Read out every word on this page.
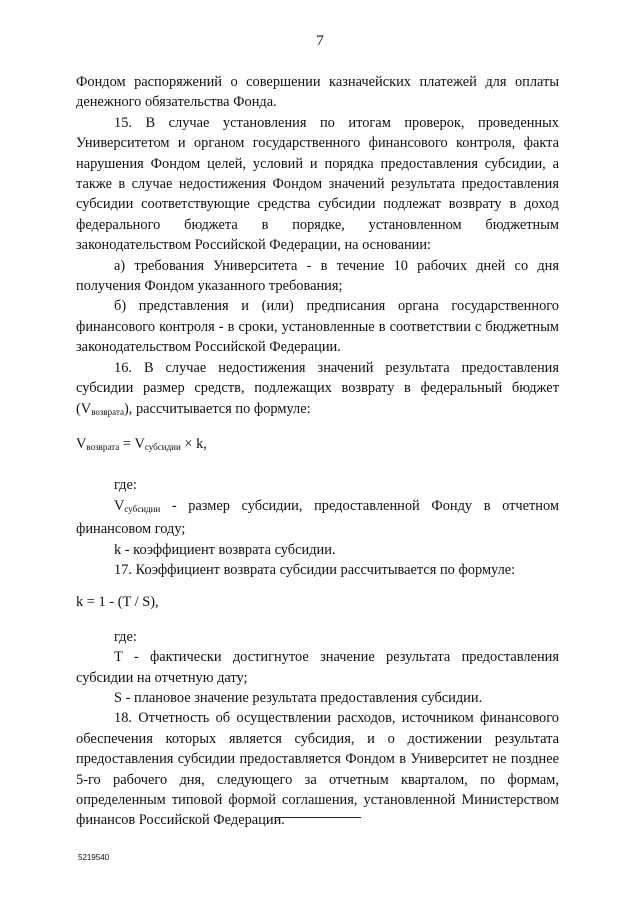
7

Фондом распоряжений о совершении казначейских платежей для оплаты денежного обязательства Фонда.

15. В случае установления по итогам проверок, проведенных Университетом и органом государственного финансового контроля, факта нарушения Фондом целей, условий и порядка предоставления субсидии, а также в случае недостижения Фондом значений результата предоставления субсидии соответствующие средства субсидии подлежат возврату в доход федерального бюджета в порядке, установленном бюджетным законодательством Российской Федерации, на основании:

а) требования Университета - в течение 10 рабочих дней со дня получения Фондом указанного требования;

б) представления и (или) предписания органа государственного финансового контроля - в сроки, установленные в соответствии с бюджетным законодательством Российской Федерации.

16. В случае недостижения значений результата предоставления субсидии размер средств, подлежащих возврату в федеральный бюджет $(V_{возврата})$, рассчитывается по формуле:

$V_{возврата} = V_{субсидии} \times k$,

где:

$V_{субсидии}$ - размер субсидии, предоставленной Фонду в отчетном финансовом году;

k - коэффициент возврата субсидии.

17. Коэффициент возврата субсидии рассчитывается по формуле:

k = 1 - (T / S),

где:

T - фактически достигнутое значение результата предоставления субсидии на отчетную дату;

S - плановое значение результата предоставления субсидии.

18. Отчетность об осуществлении расходов, источником финансового обеспечения которых является субсидия, и о достижении результата предоставления субсидии предоставляется Фондом в Университет не позднее 5-го рабочего дня, следующего за отчетным кварталом, по формам, определенным типовой формой соглашения, установленной Министерством финансов Российской Федерации.

5219540
